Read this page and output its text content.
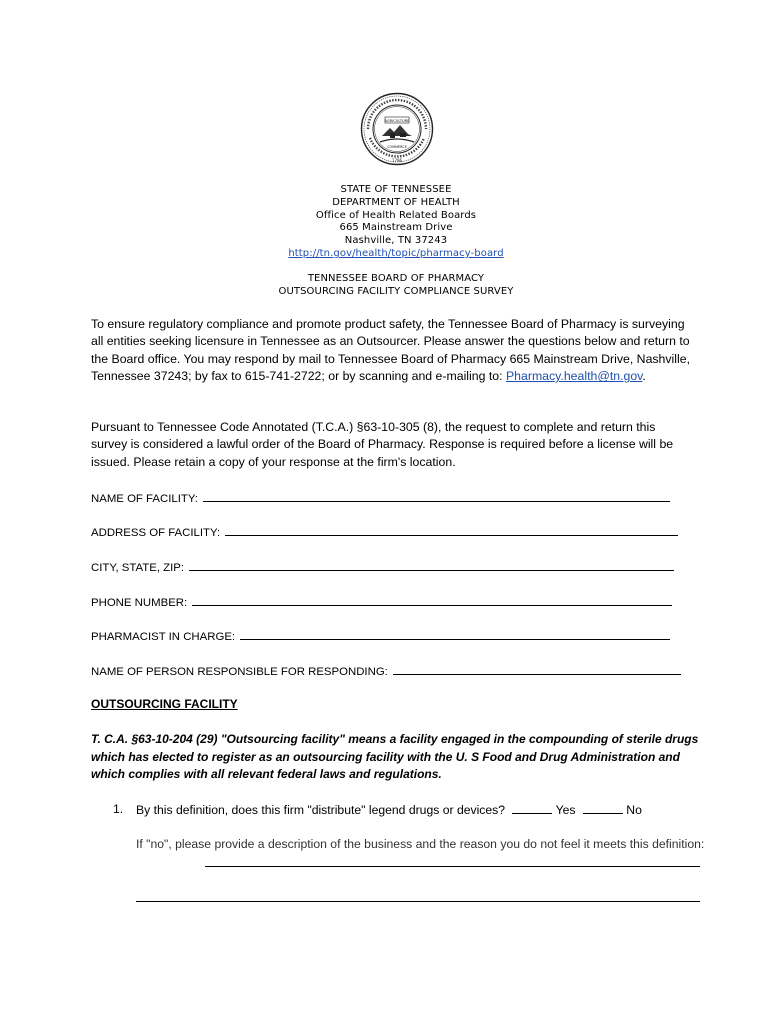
AGRICULTURE
COMMERCE
1796
STATE OF TENNESSEE
DEPARTMENT OF HEALTH
Office of Health Related Boards
665 Mainstream Drive
Nashville, TN 37243
http://tn.gov/health/topic/pharmacy-board
TENNESSEE BOARD OF PHARMACY
OUTSOURCING FACILITY COMPLIANCE SURVEY
To ensure regulatory compliance and promote product safety, the Tennessee Board of Pharmacy is surveying all entities seeking licensure in Tennessee as an Outsourcer. Please answer the questions below and return to the Board office. You may respond by mail to Tennessee Board of Pharmacy 665 Mainstream Drive, Nashville, Tennessee 37243; by fax to 615-741-2722; or by scanning and e-mailing to: Pharmacy.health@tn.gov.
Pursuant to Tennessee Code Annotated (T.C.A.) §63-10-305 (8), the request to complete and return this survey is considered a lawful order of the Board of Pharmacy. Response is required before a license will be issued. Please retain a copy of your response at the firm's location.
NAME OF FACILITY:
ADDRESS OF FACILITY:
CITY, STATE, ZIP:
PHONE NUMBER:
PHARMACIST IN CHARGE:
NAME OF PERSON RESPONSIBLE FOR RESPONDING:
OUTSOURCING FACILITY
T. C.A. §63-10-204 (29) "Outsourcing facility" means a facility engaged in the compounding of sterile drugs which has elected to register as an outsourcing facility with the U. S Food and Drug Administration and which complies with all relevant federal laws and regulations.
1. By this definition, does this firm "distribute" legend drugs or devices?	Yes	No
If "no", please provide a description of the business and the reason you do not feel it meets this definition:
